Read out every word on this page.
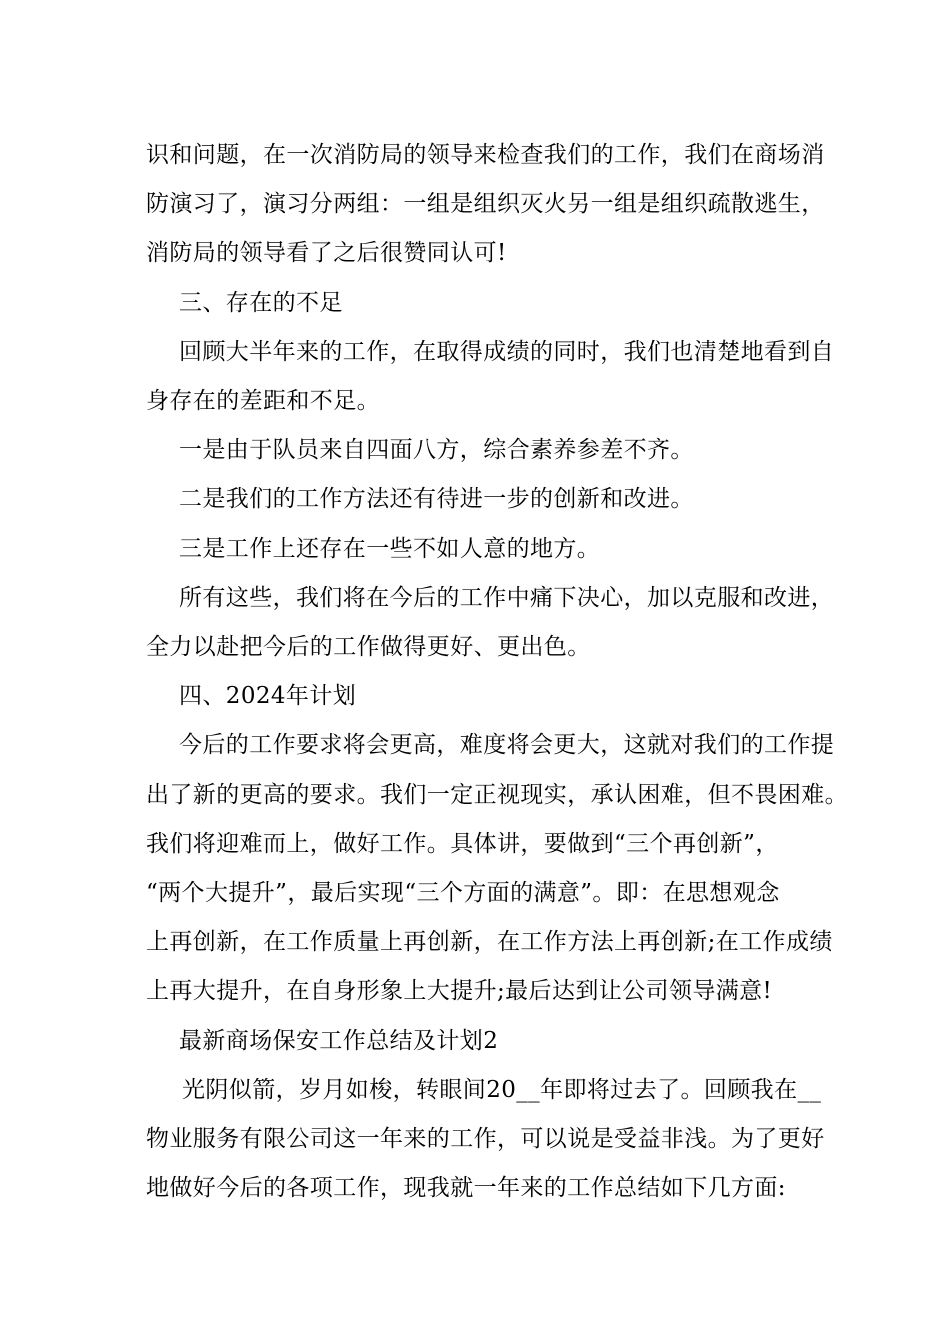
识和问题，在一次消防局的领导来检查我们的工作，我们在商场消

防演习了，演习分两组：一组是组织灭火另一组是组织疏散逃生，

消防局的领导看了之后很赞同认可!

三、存在的不足

回顾大半年来的工作，在取得成绩的同时，我们也清楚地看到自

身存在的差距和不足。

一是由于队员来自四面八方，综合素养参差不齐。

二是我们的工作方法还有待进一步的创新和改进。

三是工作上还存在一些不如人意的地方。

所有这些，我们将在今后的工作中痛下决心，加以克服和改进，

全力以赴把今后的工作做得更好、更出色。

四、2024年计划

今后的工作要求将会更高，难度将会更大，这就对我们的工作提

出了新的更高的要求。我们一定正视现实，承认困难，但不畏困难。

我们将迎难而上，做好工作。具体讲，要做到“三个再创新”，

“两个大提升”，最后实现“三个方面的满意”。即：在思想观念

上再创新，在工作质量上再创新，在工作方法上再创新;在工作成绩

上再大提升，在自身形象上大提升;最后达到让公司领导满意!

最新商场保安工作总结及计划2

光阴似箭，岁月如梭，转眼间20__年即将过去了。回顾我在__

物业服务有限公司这一年来的工作，可以说是受益非浅。为了更好

地做好今后的各项工作，现我就一年来的工作总结如下几方面:
